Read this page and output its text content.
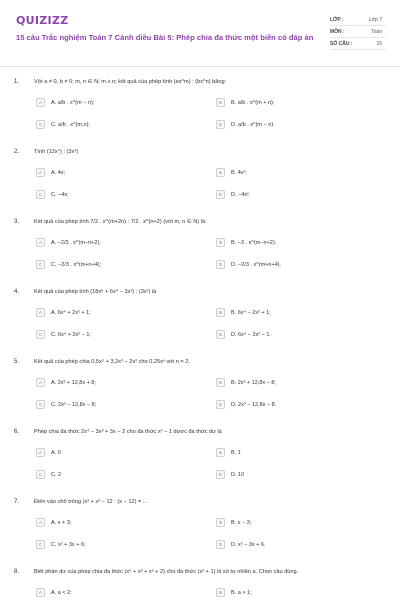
QUIZIZZ
15 câu Trắc nghiệm Toán 7 Cánh diều Bài 5: Phép chia đa thức một biến có đáp án
LỚP :	Lớp 7
MÔN :	Toán
SỐ CÂU :	15
1.	Với a ≠ 0, b ≠ 0; m, n ∈ N; m ≥ n; kết quả của phép tính (ax^m) : (bx^n) bằng:
A	A. a/b . x^(m − n);	B	B. a/b . x^(m + n);
C	C. a/b . x^(m.n);	D	D. a/b . x^(m − n).
2.	Tính (12x⁴) : (3x²)
A	A. 4x;	B	B. 4x²;
C	C. −4x;	D	D. −4x².
3.	Kết quả của phép tính 7/2 . x^(m+2n) : 7/2 . x^(n+2) (với m, n ∈ N) là:
A	A. −2/3 . x^(m−n+2);	B	B. −3 . x^(m−n+2);
C	C. −2/3 . x^(m+n+4);	D	D. −2/3 . x^(m+n+4).
4.	Kết quả của phép tính (18x⁶ + 6x⁴ − 3x²) : (3x²) là
A	A. 6x⁴ + 2x² + 1;	B	B. 6x⁴ − 2x² + 1;
C	C. 6x⁴ + 2x² − 1;	D	D. 6x⁴ − 2x² − 1.
5.	Kết quả của phép chia 0,5x⁵ + 3,2x³ − 2x² cho 0,25xⁿ với n = 2.
A	A. 2x³ + 12,8x + 8;	B	B. 2x³ + 12,8x − 8;
C	C. 2x³ − 12,8x − 8;	D	D. 2x³ − 12,8x − 8.
6.	Phép chia đa thức 2x⁴ − 3x³ + 3x − 2 cho đa thức x² − 1 được đa thức dư là
A	A. 0	B	B. 1
C	C. 2	D	D. 10
7.	Điền vào chỗ trống (x³ + x² − 12 : (x − 12) = ...
A	A. x + 3;	B	B. x − 3;
C	C. x² + 3x + 6;	D	D. x² − 3x + 6.
8.	Biết phần dư của phép chia đa thức (x⁵ + x³ + x² + 2) cho đa thức (x³ + 1) là số tự nhiên a. Chọn câu đúng.
A	A. a < 2;	B	B. a > 1;
